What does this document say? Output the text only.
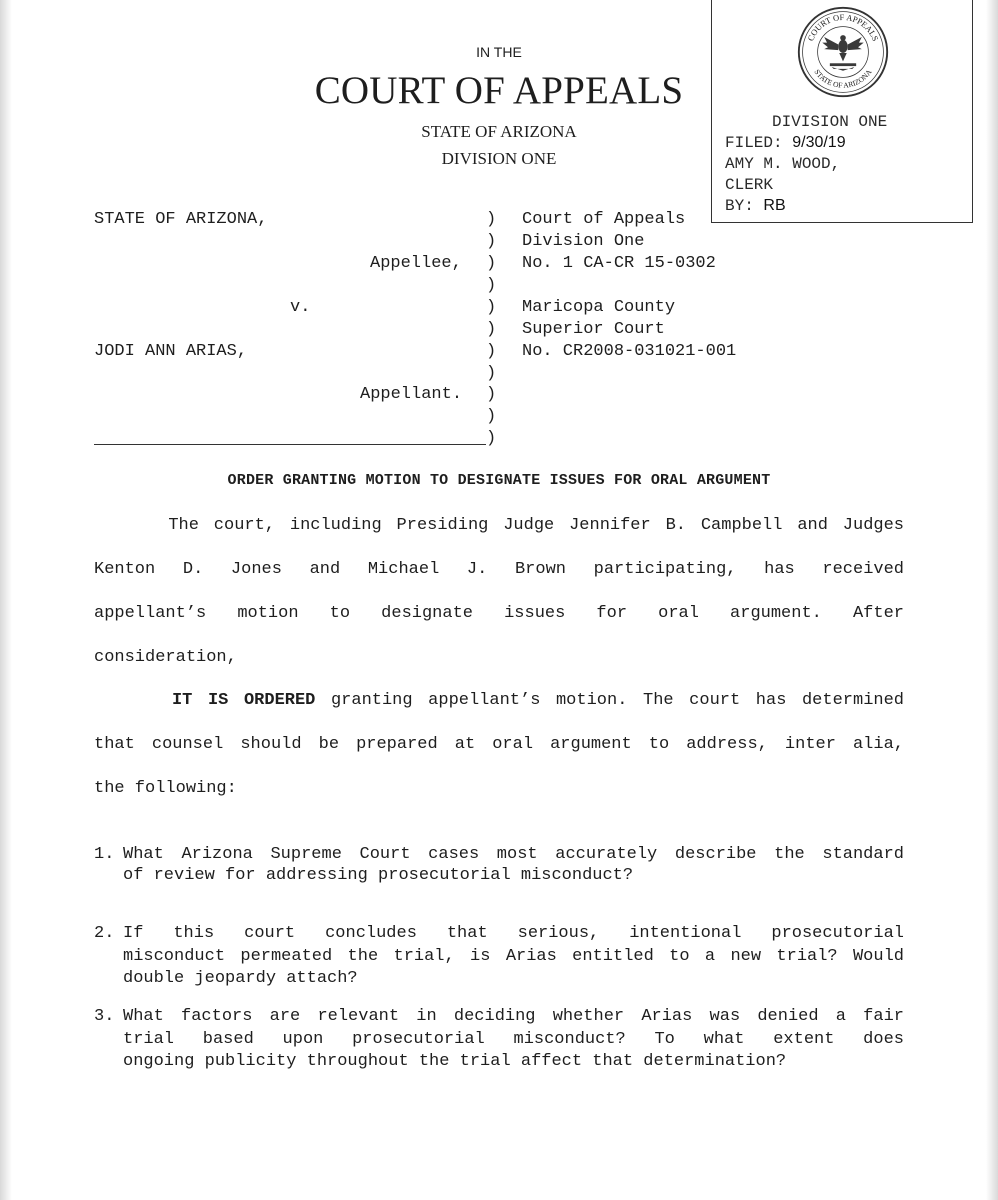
IN THE
COURT OF APPEALS
STATE OF ARIZONA
DIVISION ONE
COURT OF APPEALS
STATE OF ARIZONA
DIVISION ONE
FILED: 9/30/19
AMY M. WOOD,
CLERK
BY: RB
STATE OF ARIZONA,
Appellee,
v.
JODI ANN ARIAS,
Appellant.
)
)
)
)
)
)
)
)
)
)
)
Court of Appeals
Division One
No. 1 CA-CR 15-0302
Maricopa County
Superior Court
No. CR2008-031021-001
ORDER GRANTING MOTION TO DESIGNATE ISSUES FOR ORAL ARGUMENT
The court, including Presiding Judge Jennifer B. Campbell and Judges
Kenton D. Jones and Michael J. Brown participating, has received
appellant’s motion to designate issues for oral argument. After
consideration,
IT IS ORDERED granting appellant’s motion. The court has determined
that counsel should be prepared at oral argument to address, inter alia,
the following:
1. What Arizona Supreme Court cases most accurately describe the standard
of review for addressing prosecutorial misconduct?
2. If this court concludes that serious, intentional prosecutorial
misconduct permeated the trial, is Arias entitled to a new trial? Would
double jeopardy attach?
3. What factors are relevant in deciding whether Arias was denied a fair
trial based upon prosecutorial misconduct? To what extent does
ongoing publicity throughout the trial affect that determination?
